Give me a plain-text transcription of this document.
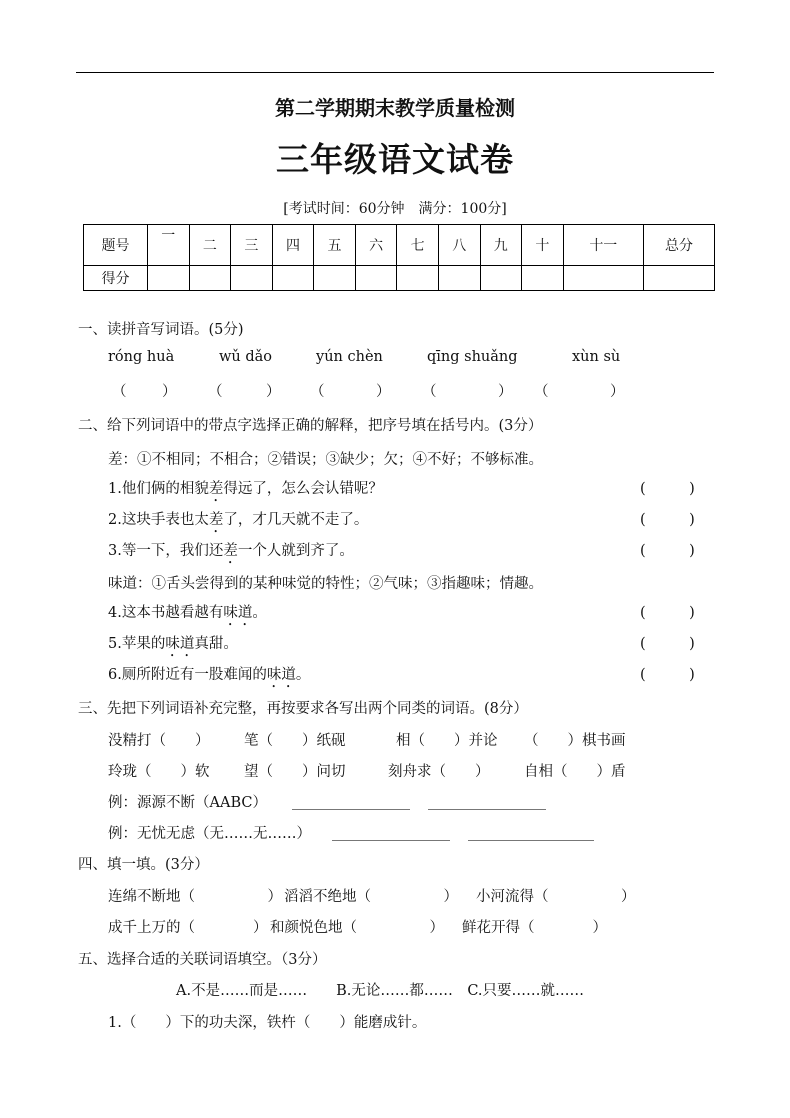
第二学期期末教学质量检测
三年级语文试卷
[考试时间：60分钟　满分：100分]
题号	一	二	三	四	五	六	七	八	九	十	十一	总分
得分												
一、读拼音写词语。(5分)
róng huà	wǔ dǎo	yún chèn	qīng shuǎng	xùn sù
（ ） （	） （	） （	） （	）
二、给下列词语中的带点字选择正确的解释，把序号填在括号内。(3分）
差：①不相同；不相合；②错误；③缺少；欠；④不好；不够标准。
1.他们俩的相貌差得远了，怎么会认错呢？	(　　　)
2.这块手表也太差了，才几天就不走了。	(　　　)
3.等一下，我们还差一个人就到齐了。	(　　　)
味道：①舌头尝得到的某种味觉的特性；②气味；③指趣味；情趣。
4.这本书越看越有味道。	(　　　)
5.苹果的味道真甜。	(　　　)
6.厕所附近有一股难闻的味道。	(　　　)
三、先把下列词语补充完整，再按要求各写出两个同类的词语。(8分）
没精打（　　） 笔（　　）纸砚	相（　　）并论 （　　）棋书画
玲珑（　　）软 望（　　）问切	刻舟求（　　） 自相（　　）盾
例：源源不断（AABC）
例：无忧无虑（无……无……）
四、填一填。(3分）
连绵不断地（　　　　　） 滔滔不绝地（　　　　　） 小河流得（　　　　　）
成千上万的（　　　　） 和颜悦色地（　　　　　） 鲜花开得（　　　　）
五、选择合适的关联词语填空。（3分）
A.不是……而是……　　B.无论……都……　C.只要……就……
1.（　　）下的功夫深，铁杵（　　）能磨成针。
